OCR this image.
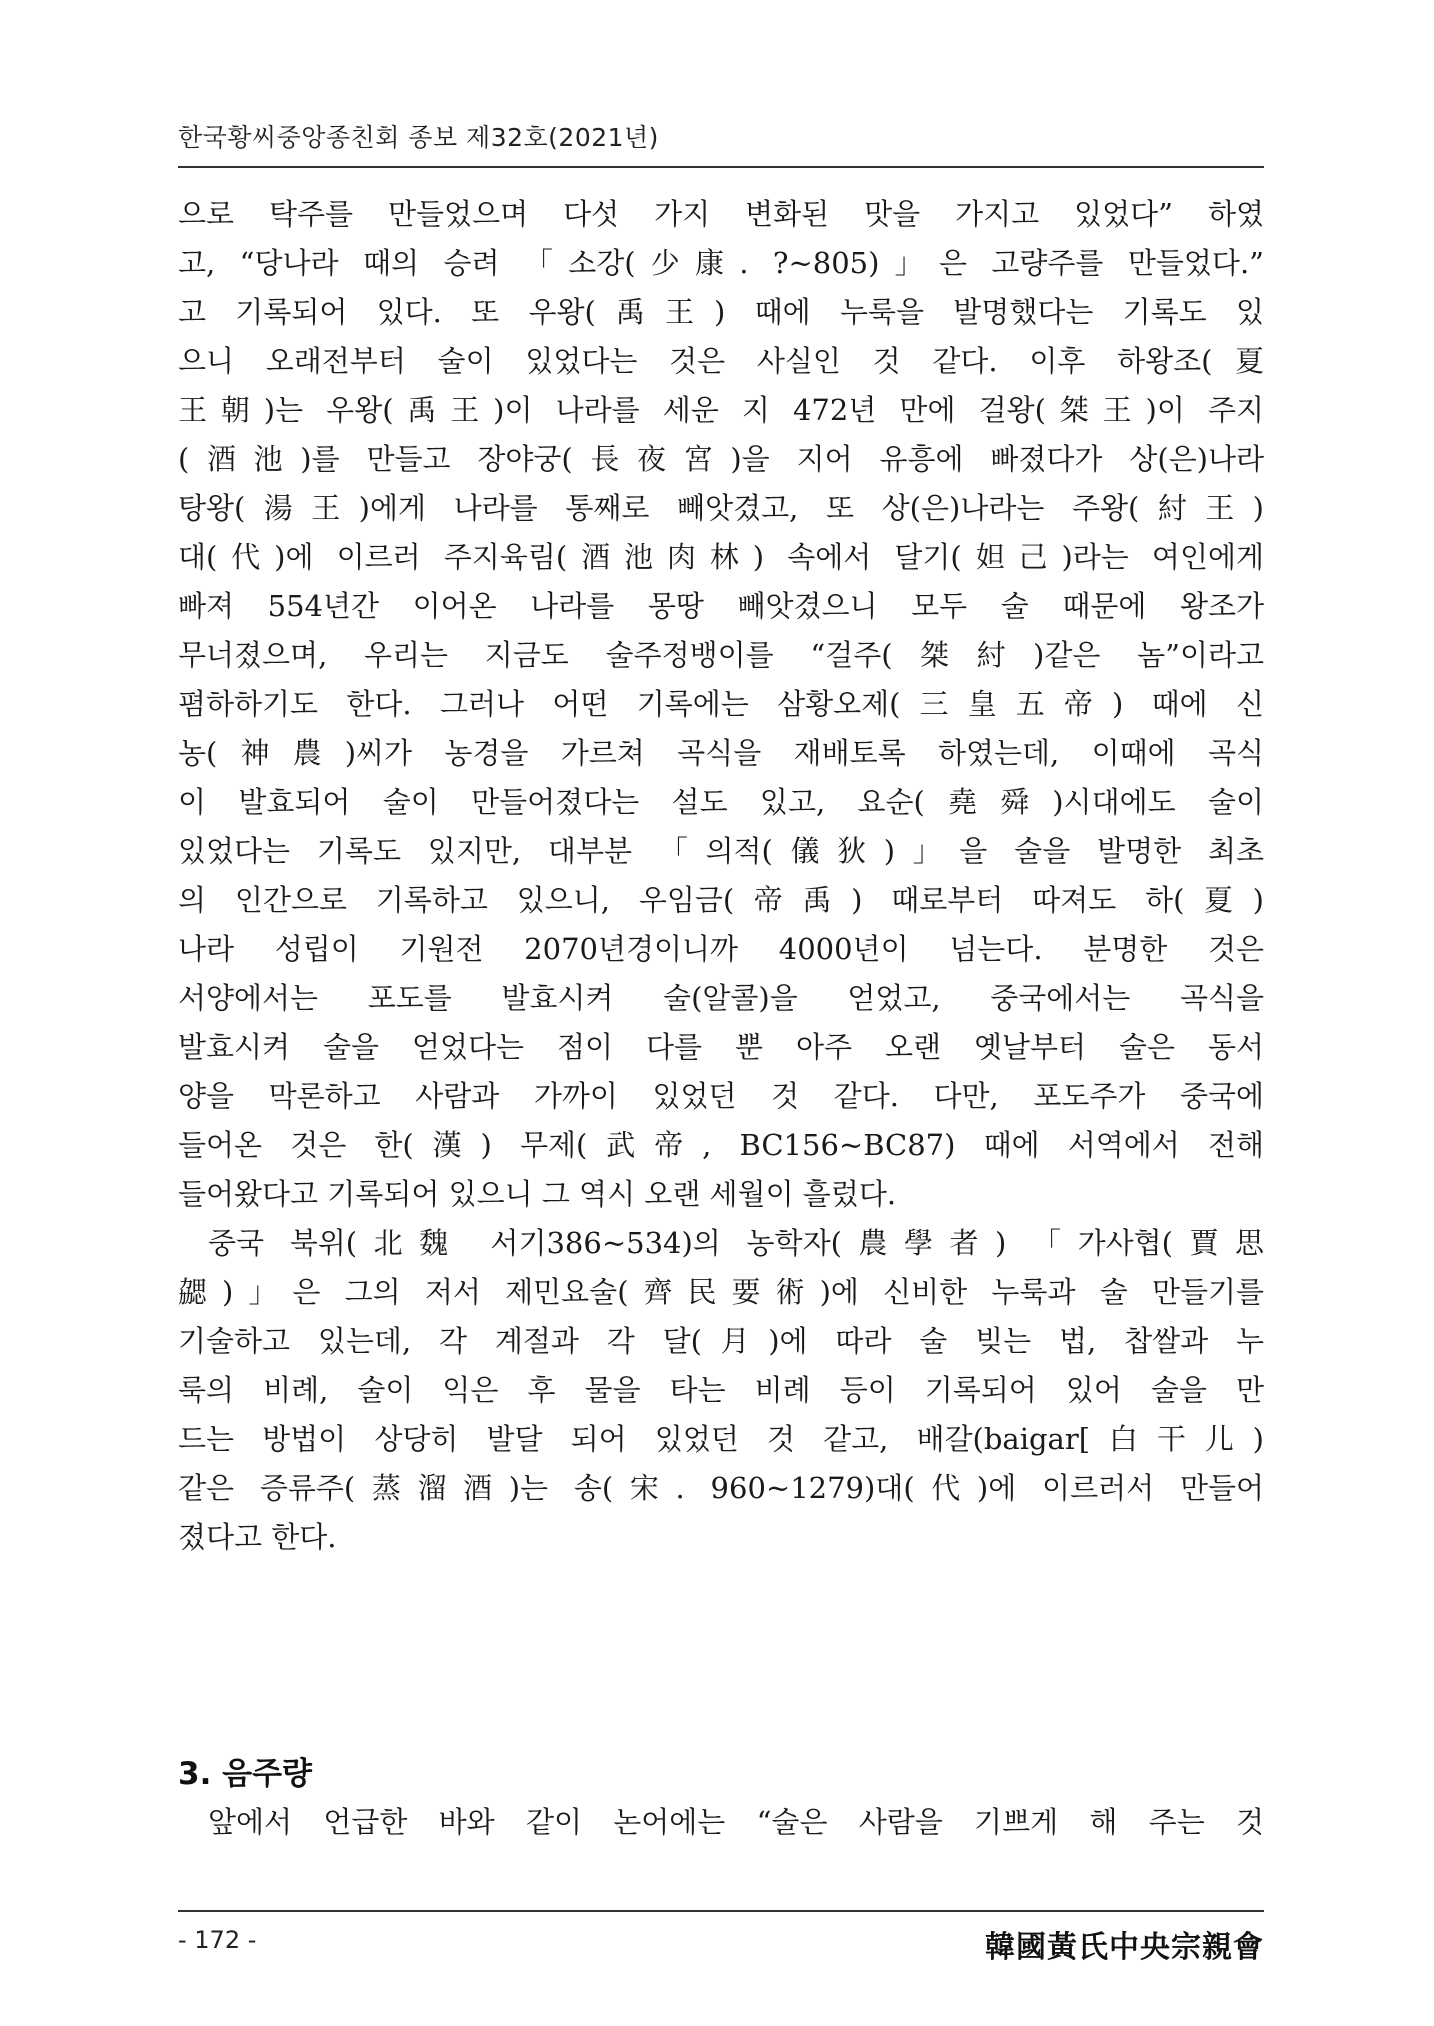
한국황씨중앙종친회 종보 제32호(2021년)
으로 탁주를 만들었으며 다섯 가지 변화된 맛을 가지고 있었다” 하였
고, “당나라 때의 승려 「소강(少康. ?~805)」은 고량주를 만들었다.”
고 기록되어 있다. 또 우왕(禹王) 때에 누룩을 발명했다는 기록도 있
으니 오래전부터 술이 있었다는 것은 사실인 것 같다. 이후 하왕조(夏
王朝)는 우왕(禹王)이 나라를 세운 지 472년 만에 걸왕(桀王)이 주지
(酒池)를 만들고 장야궁(長夜宮)을 지어 유흥에 빠졌다가 상(은)나라
탕왕(湯王)에게 나라를 통째로 빼앗겼고, 또 상(은)나라는 주왕(紂王)
대(代)에 이르러 주지육림(酒池肉林) 속에서 달기(妲己)라는 여인에게
빠져 554년간 이어온 나라를 몽땅 빼앗겼으니 모두 술 때문에 왕조가
무너졌으며, 우리는 지금도 술주정뱅이를 “걸주(桀紂)같은 놈”이라고
폄하하기도 한다. 그러나 어떤 기록에는 삼황오제(三皇五帝) 때에 신
농(神農)씨가 농경을 가르쳐 곡식을 재배토록 하였는데, 이때에 곡식
이 발효되어 술이 만들어졌다는 설도 있고, 요순(堯舜)시대에도 술이
있었다는 기록도 있지만, 대부분 「의적(儀狄)」을 술을 발명한 최초
의 인간으로 기록하고 있으니, 우임금(帝禹) 때로부터 따져도 하(夏)
나라 성립이 기원전 2070년경이니까 4000년이 넘는다. 분명한 것은
서양에서는 포도를 발효시켜 술(알콜)을 얻었고, 중국에서는 곡식을
발효시켜 술을 얻었다는 점이 다를 뿐 아주 오랜 옛날부터 술은 동서
양을 막론하고 사람과 가까이 있었던 것 같다. 다만, 포도주가 중국에
들어온 것은 한(漢) 무제(武帝, BC156~BC87) 때에 서역에서 전해
들어왔다고 기록되어 있으니 그 역시 오랜 세월이 흘렀다.
중국 북위(北魏 서기386~534)의 농학자(農學者) 「가사협(賈思
勰)」은 그의 저서 제민요술(齊民要術)에 신비한 누룩과 술 만들기를
기술하고 있는데, 각 계절과 각 달(月)에 따라 술 빚는 법, 찹쌀과 누
룩의 비례, 술이 익은 후 물을 타는 비례 등이 기록되어 있어 술을 만
드는 방법이 상당히 발달 되어 있었던 것 같고, 배갈(baigar[白干儿)
같은 증류주(蒸溜酒)는 송(宋. 960~1279)대(代)에 이르러서 만들어
졌다고 한다.
3. 음주량
앞에서 언급한 바와 같이 논어에는 “술은 사람을 기쁘게 해 주는 것
- 172 -	韓國黃氏中央宗親會
